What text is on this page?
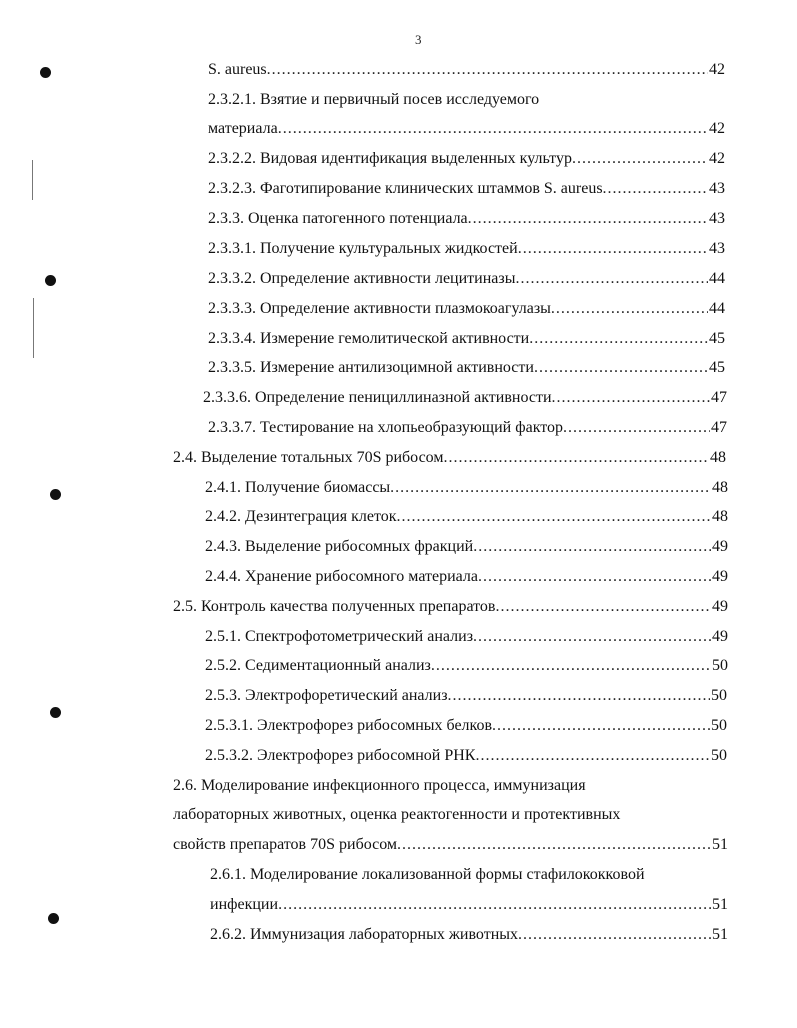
3
S. aureus .....	42
2.3.2.1. Взятие и первичный посев исследуемого
материала .....	42
2.3.2.2. Видовая идентификация выделенных культур .....	42
2.3.2.3. Фаготипирование клинических штаммов S. aureus .....	43
2.3.3. Оценка патогенного потенциала .....	43
2.3.3.1. Получение культуральных жидкостей .....	43
2.3.3.2. Определение активности лецитиназы .....	44
2.3.3.3. Определение активности плазмокоагулазы .....	44
2.3.3.4. Измерение гемолитической активности .....	45
2.3.3.5. Измерение антилизоцимной активности .....	45
2.3.3.6. Определение пенициллиназной активности .....	47
2.3.3.7. Тестирование на хлопьеобразующий фактор .....	47
2.4. Выделение тотальных 70S рибосом .....	48
2.4.1. Получение биомассы .....	48
2.4.2. Дезинтеграция клеток .....	48
2.4.3. Выделение рибосомных фракций .....	49
2.4.4. Хранение рибосомного материала .....	49
2.5. Контроль качества полученных препаратов .....	49
2.5.1. Спектрофотометрический анализ .....	49
2.5.2. Седиментационный анализ .....	50
2.5.3. Электрофоретический анализ .....	50
2.5.3.1. Электрофорез рибосомных белков .....	50
2.5.3.2. Электрофорез рибосомной РНК .....	50
2.6. Моделирование инфекционного процесса, иммунизация
лабораторных животных, оценка реактогенности и протективных
свойств препаратов 70S рибосом .....	51
2.6.1. Моделирование локализованной формы стафилококковой
инфекции .....	51
2.6.2. Иммунизация лабораторных животных .....	51
